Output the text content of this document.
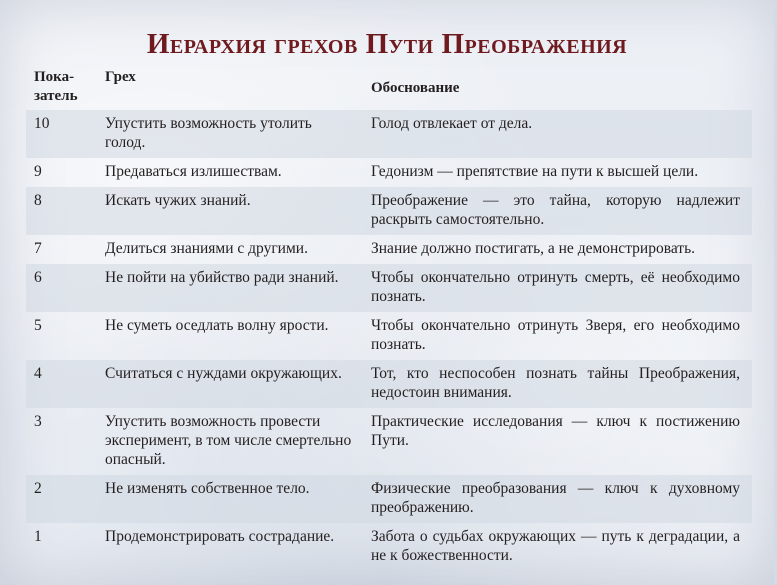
Иерархия грехов Пути Преображения
Пока-
затель	Грех	Обоснование
10	Упустить возможность утолить голод.	Голод отвлекает от дела.
9	Предаваться излишествам.	Гедонизм — препятствие на пути к высшей цели.
8	Искать чужих знаний.	Преображение — это тайна, которую надлежит раскрыть самостоятельно.
7	Делиться знаниями с другими.	Знание должно постигать, а не демонстрировать.
6	Не пойти на убийство ради знаний.	Чтобы окончательно отринуть смерть, её необходимо познать.
5	Не суметь оседлать волну ярости.	Чтобы окончательно отринуть Зверя, его необходимо познать.
4	Считаться с нуждами окружающих.	Тот, кто неспособен познать тайны Преображения, недостоин внимания.
3	Упустить возможность провести эксперимент, в том числе смертельно опасный.	Практические исследования — ключ к постижению Пути.
2	Не изменять собственное тело.	Физические преобразования — ключ к духовному преображению.
1	Продемонстрировать сострадание.	Забота о судьбах окружающих — путь к деградации, а не к божественности.
